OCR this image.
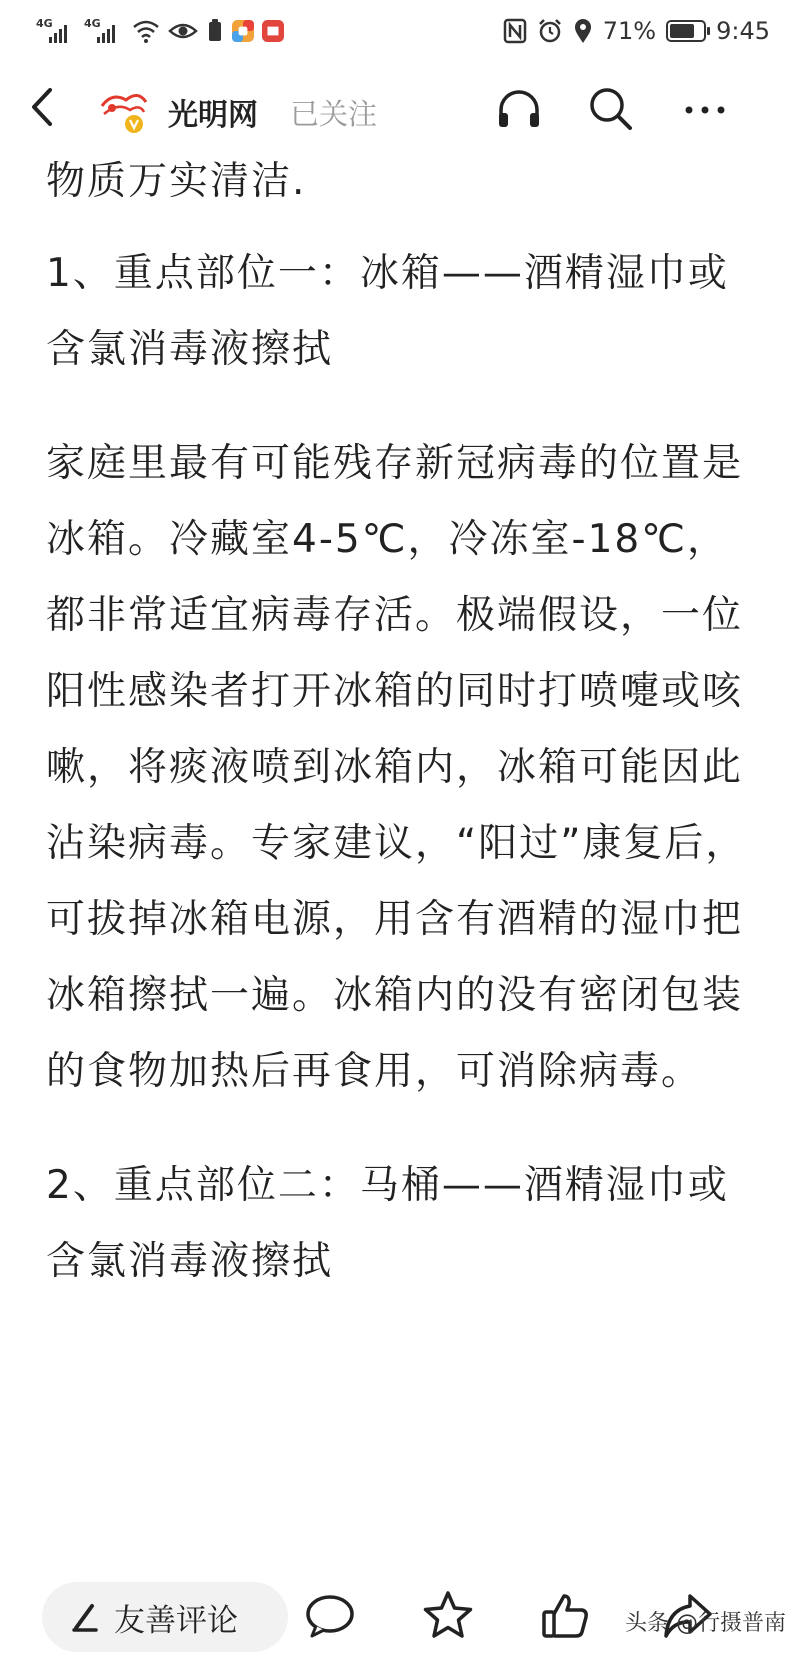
4G	4G	71%	9:45
物质万实清洁.

1、重点部位一：冰箱——酒精湿巾或含氯消毒液擦拭

家庭里最有可能残存新冠病毒的位置是冰箱。冷藏室4-5℃，冷冻室-18℃，都非常适宜病毒存活。极端假设，一位阳性感染者打开冰箱的同时打喷嚏或咳嗽，将痰液喷到冰箱内，冰箱可能因此沾染病毒。专家建议，“阳过”康复后，可拔掉冰箱电源，用含有酒精的湿巾把冰箱擦拭一遍。冰箱内的没有密闭包装的食物加热后再食用，可消除病毒。

2、重点部位二：马桶——酒精湿巾或含氯消毒液擦拭

光明网 已关注
友善评论	头条 @行摄普南
